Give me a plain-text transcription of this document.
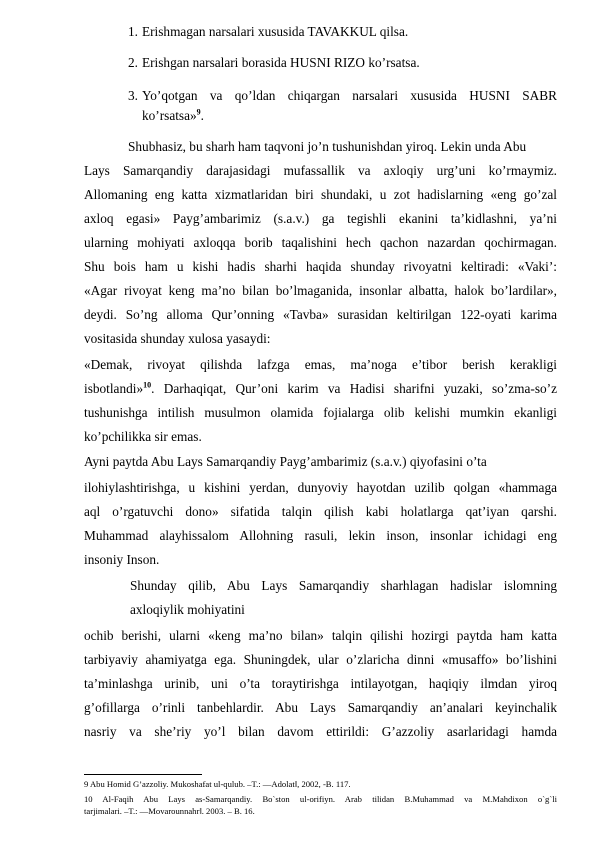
1. Erishmagan narsalari xususida TAVAKKUL qilsa.
2. Erishgan narsalari borasida HUSNI RIZO ko’rsatsa.
3. Yo’qotgan va qo’ldan chiqargan narsalari xususida HUSNI SABR
ko’rsatsa»$^9$.
Shubhasiz, bu sharh ham taqvoni jo’n tushunishdan yiroq. Lekin unda Abu
Lays Samarqandiy darajasidagi mufassallik va axloqiy urg’uni ko’rmaymiz.
Allomaning eng katta xizmatlaridan biri shundaki, u zot hadislarning «eng go’zal
axloq egasi» Payg’ambarimiz (s.a.v.) ga tegishli ekanini ta’kidlashni, ya’ni
ularning mohiyati axloqqa borib taqalishini hech qachon nazardan qochirmagan.
Shu bois ham u kishi hadis sharhi haqida shunday rivoyatni keltiradi: «Vaki’:
«Agar rivoyat keng ma’no bilan bo’lmaganida, insonlar albatta, halok bo’lardilar»,
deydi. So’ng alloma Qur’onning «Tavba» surasidan keltirilgan 122-oyati karima
vositasida shunday xulosa yasaydi:
«Demak, rivoyat qilishda lafzga emas, ma’noga e’tibor berish kerakligi
isbotlandi»$^{10}$. Darhaqiqat, Qur’oni karim va Hadisi sharifni yuzaki, so’zma-so’z
tushunishga intilish musulmon olamida fojialarga olib kelishi mumkin ekanligi
ko’pchilikka sir emas.
Ayni paytda Abu Lays Samarqandiy Payg’ambarimiz (s.a.v.) qiyofasini o’ta
ilohiylashtirishga, u kishini yerdan, dunyoviy hayotdan uzilib qolgan «hammaga
aql o’rgatuvchi dono» sifatida talqin qilish kabi holatlarga qat’iyan qarshi.
Muhammad alayhissalom Allohning rasuli, lekin inson, insonlar ichidagi eng
insoniy Inson.
Shunday qilib, Abu Lays Samarqandiy sharhlagan hadislar islomning
axloqiylik mohiyatini
ochib berishi, ularni «keng ma’no bilan» talqin qilishi hozirgi paytda ham katta
tarbiyaviy ahamiyatga ega. Shuningdek, ular o’zlaricha dinni «musaffo» bo’lishini
ta’minlashga urinib, uni o’ta toraytirishga intilayotgan, haqiqiy ilmdan yiroq
g’ofillarga o’rinli tanbehlardir. Abu Lays Samarqandiy an’analari keyinchalik
nasriy va she’riy yo’l bilan davom ettirildi: G’azzoliy asarlaridagi hamda
9 Abu Homid G’azzoliy. Mukoshafat ul-qulub. –T.: ―Adolat‖, 2002, -B. 117.
10 Al-Faqih Abu Lays as-Samarqandiy. Bo`ston ul-orifiyn. Arab tilidan B.Muhammad va M.Mahdixon o`g`li
tarjimalari. –T.: ―Movarounnahr‖. 2003. – B. 16.
